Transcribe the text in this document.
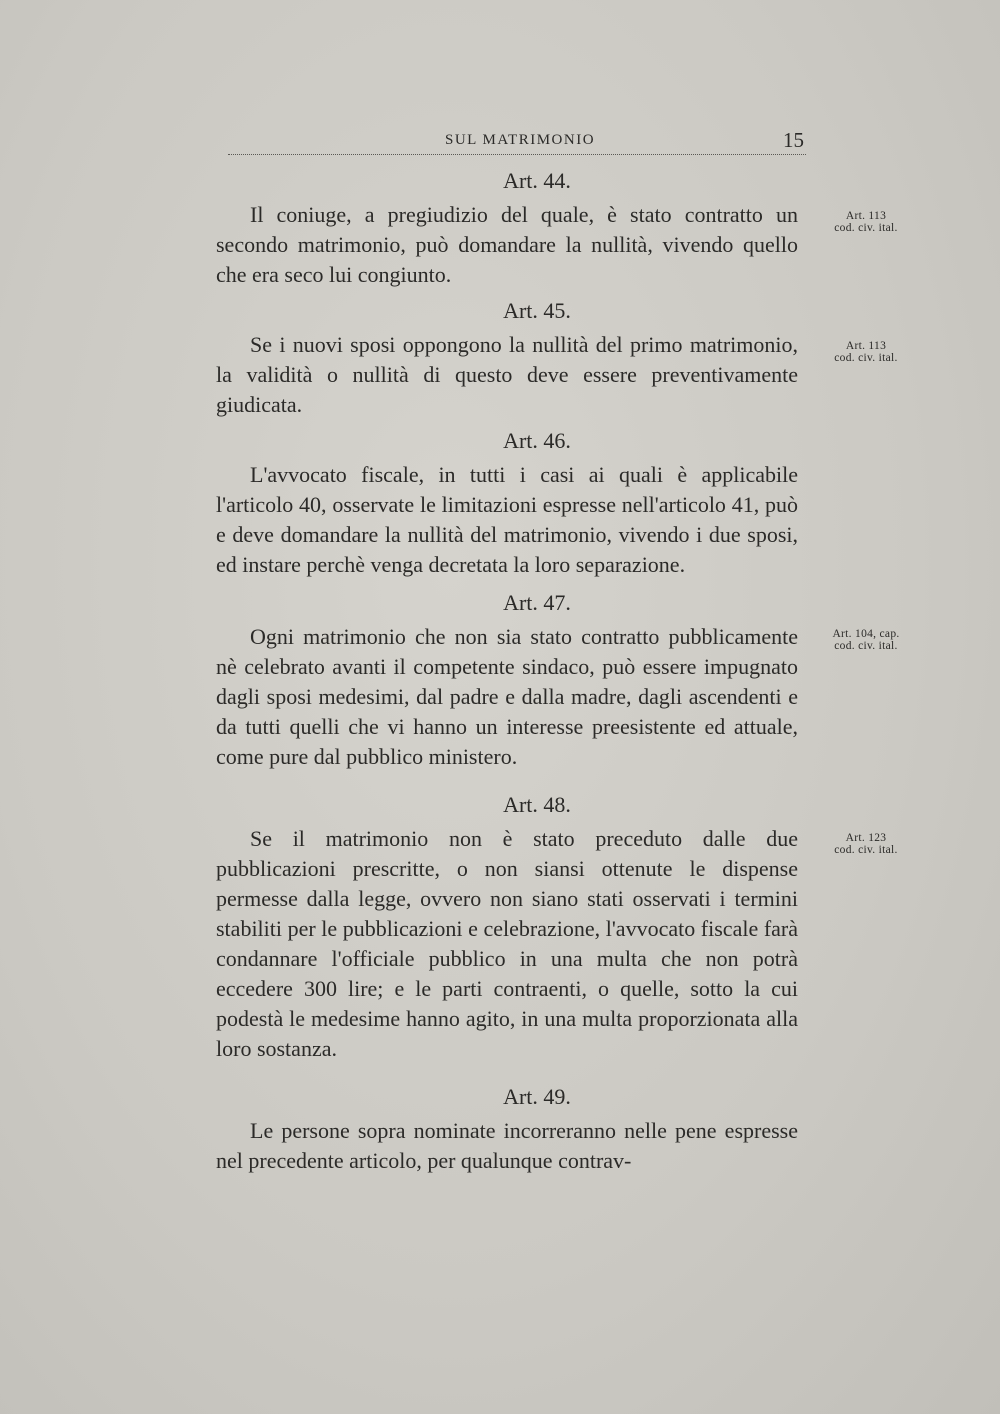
SUL MATRIMONIO	15
Art. 44.

Il coniuge, a pregiudizio del quale, è stato contratto un secondo matrimonio, può domandare la nullità, vivendo quello che era seco lui congiunto.

Art. 113
cod. civ. ital.
Art. 45.

Se i nuovi sposi oppongono la nullità del primo matrimonio, la validità o nullità di questo deve essere preventivamente giudicata.

Art. 113
cod. civ. ital.
Art. 46.

L'avvocato fiscale, in tutti i casi ai quali è applicabile l'articolo 40, osservate le limitazioni espresse nell'articolo 41, può e deve domandare la nullità del matrimonio, vivendo i due sposi, ed instare perchè venga decretata la loro separazione.

Art. 47.

Ogni matrimonio che non sia stato contratto pubblicamente nè celebrato avanti il competente sindaco, può essere impugnato dagli sposi medesimi, dal padre e dalla madre, dagli ascendenti e da tutti quelli che vi hanno un interesse preesistente ed attuale, come pure dal pubblico ministero.

Art. 104, cap.
cod. civ. ital.
Art. 48.

Se il matrimonio non è stato preceduto dalle due pubblicazioni prescritte, o non siansi ottenute le dispense permesse dalla legge, ovvero non siano stati osservati i termini stabiliti per le pubblicazioni e celebrazione, l'avvocato fiscale farà condannare l'officiale pubblico in una multa che non potrà eccedere 300 lire; e le parti contraenti, o quelle, sotto la cui podestà le medesime hanno agito, in una multa proporzionata alla loro sostanza.

Art. 123
cod. civ. ital.
Art. 49.

Le persone sopra nominate incorreranno nelle pene espresse nel precedente articolo, per qualunque contrav-
